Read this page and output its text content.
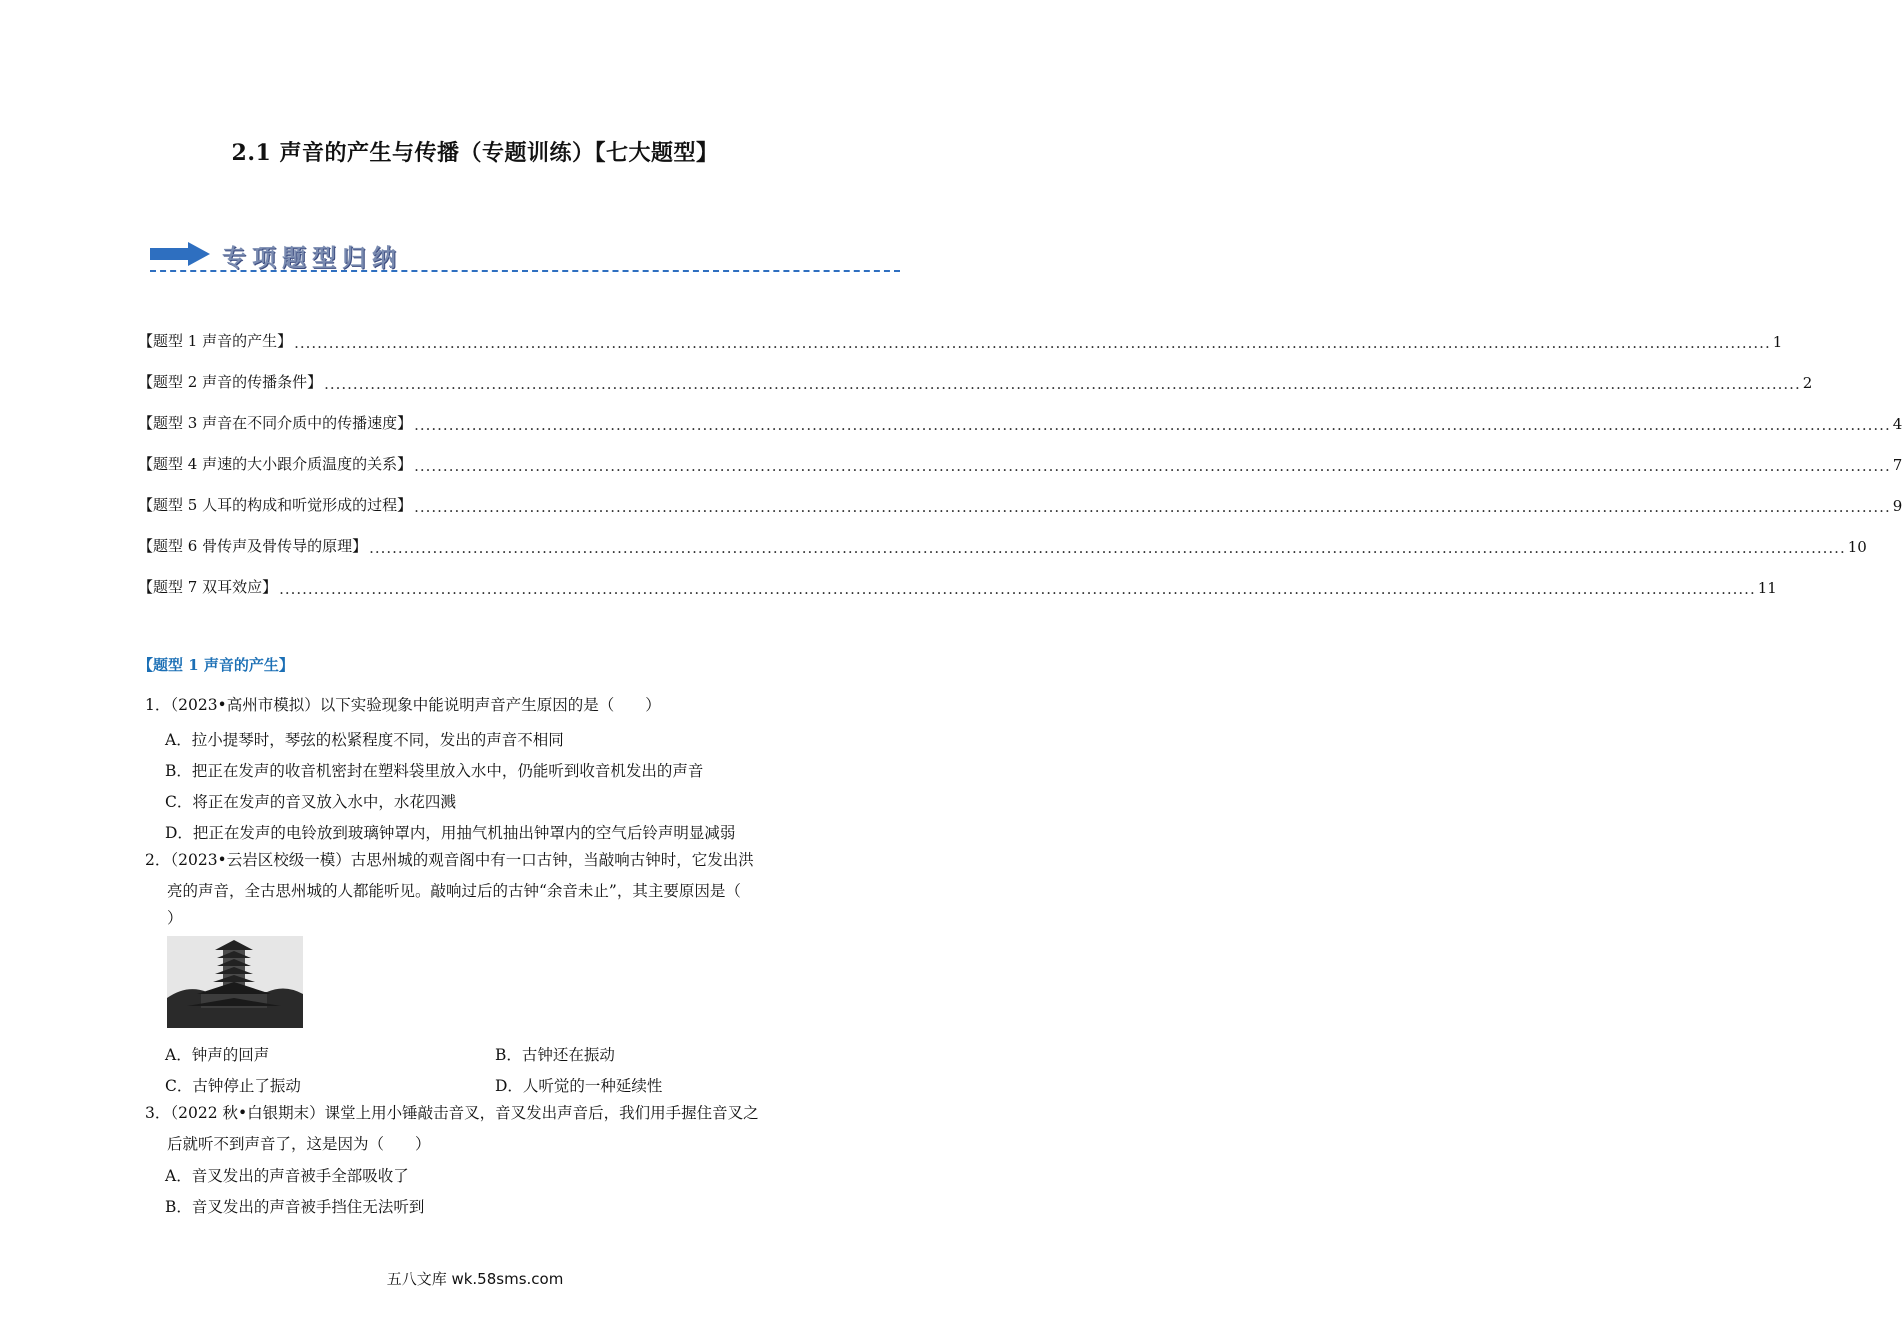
2.1 声音的产生与传播（专题训练）【七大题型】
专项题型归纳
【题型 1 声音的产生】 ................................................................................................................................................................................................................................................................ 1
【题型 2 声音的传播条件】 ................................................................................................................................................................................................................................................................ 2
【题型 3 声音在不同介质中的传播速度】 ................................................................................................................................................................................................................................................................ 4
【题型 4 声速的大小跟介质温度的关系】 ................................................................................................................................................................................................................................................................ 7
【题型 5 人耳的构成和听觉形成的过程】 ................................................................................................................................................................................................................................................................ 9
【题型 6 骨传声及骨传导的原理】 ................................................................................................................................................................................................................................................................ 10
【题型 7 双耳效应】 ................................................................................................................................................................................................................................................................ 11
【题型 1 声音的产生】
1．（2023•高州市模拟）以下实验现象中能说明声音产生原因的是（　　）
A．拉小提琴时，琴弦的松紧程度不同，发出的声音不相同
B．把正在发声的收音机密封在塑料袋里放入水中，仍能听到收音机发出的声音
C．将正在发声的音叉放入水中，水花四溅
D．把正在发声的电铃放到玻璃钟罩内，用抽气机抽出钟罩内的空气后铃声明显减弱
2．（2023•云岩区校级一模）古思州城的观音阁中有一口古钟，当敲响古钟时，它发出洪
亮的声音，全古思州城的人都能听见。敲响过后的古钟“余音未止”，其主要原因是（
）
A．钟声的回声	B．古钟还在振动
C．古钟停止了振动	D．人听觉的一种延续性
3．（2022 秋•白银期末）课堂上用小锤敲击音叉，音叉发出声音后，我们用手握住音叉之
后就听不到声音了，这是因为（　　）
A．音叉发出的声音被手全部吸收了
B．音叉发出的声音被手挡住无法听到
五八文库 wk.58sms.com
